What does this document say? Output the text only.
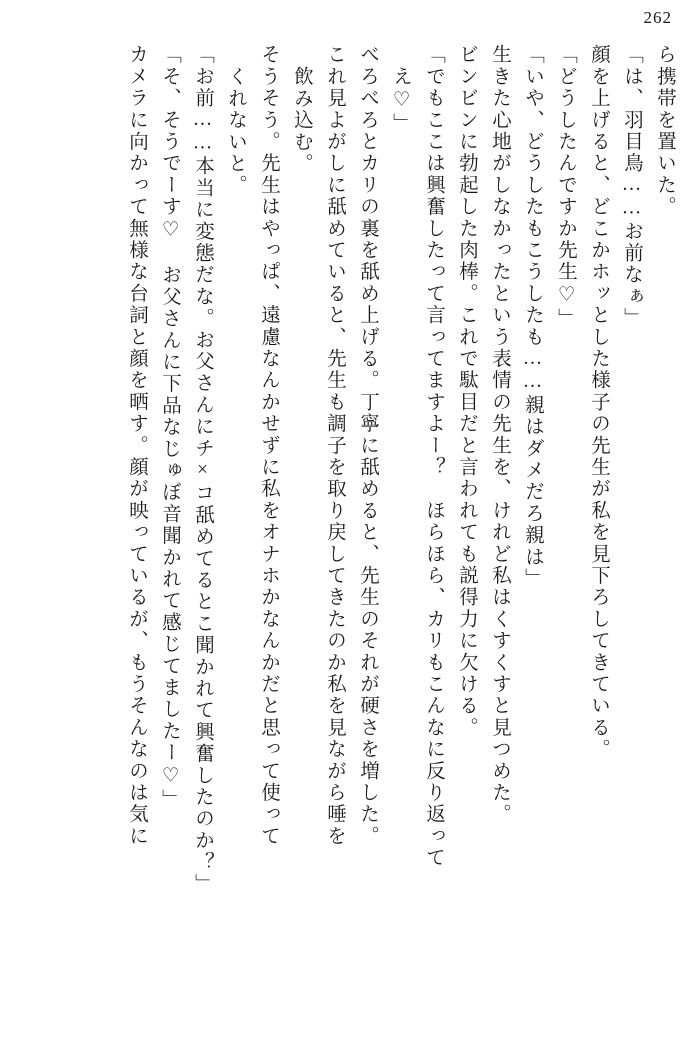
262
ら携帯を置いた。
「は、羽目鳥……お前なぁ」
顔を上げると、どこかホッとした様子の先生が私を見下ろしてきている。
「どうしたんですか先生♡」
「いや、どうしたもこうしたも……親はダメだろ親は」
生きた心地がしなかったという表情の先生を、けれど私はくすくすと見つめた。
ビンビンに勃起した肉棒。これで駄目だと言われても説得力に欠ける。
「でもここは興奮したって言ってますよー？　ほらほら、カリもこんなに反り返って
え♡」
べろべろとカリの裏を舐め上げる。丁寧に舐めると、先生のそれが硬さを増した。
これ見よがしに舐めていると、先生も調子を取り戻してきたのか私を見ながら唾を
飲み込む。
そうそう。先生はやっぱ、遠慮なんかせずに私をオナホかなんかだと思って使って
くれないと。
「お前……本当に変態だな。お父さんにチ×コ舐めてるとこ聞かれて興奮したのか？」
「そ、そうでーす♡　お父さんに下品なじゅぼ音聞かれて感じてましたー♡」
カメラに向かって無様な台詞と顔を晒す。顔が映っているが、もうそんなのは気に
